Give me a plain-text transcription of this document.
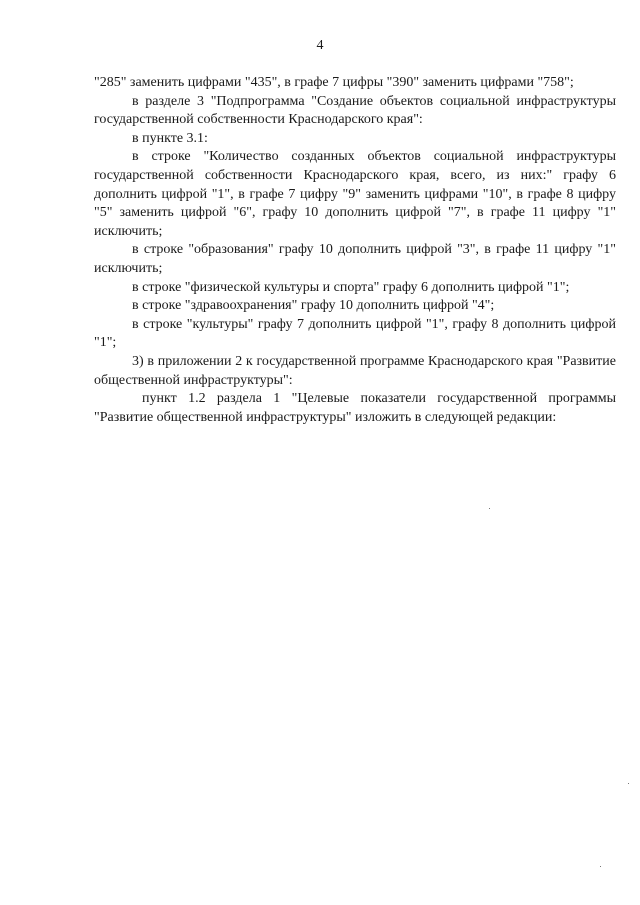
4

"285" заменить цифрами "435", в графе 7 цифры "390" заменить цифрами "758";

в разделе 3 "Подпрограмма "Создание объектов социальной инфраструктуры государственной собственности Краснодарского края":

в пункте 3.1:

в строке "Количество созданных объектов социальной инфраструктуры государственной собственности Краснодарского края, всего, из них:" графу 6 дополнить цифрой "1", в графе 7 цифру "9" заменить цифрами "10", в графе 8 цифру "5" заменить цифрой "6", графу 10 дополнить цифрой "7", в графе 11 цифру "1" исключить;

в строке "образования" графу 10 дополнить цифрой "3", в графе 11 цифру "1" исключить;

в строке "физической культуры и спорта" графу 6 дополнить цифрой "1";

в строке "здравоохранения" графу 10 дополнить цифрой "4";

в строке "культуры" графу 7 дополнить цифрой "1", графу 8 дополнить цифрой "1";

3) в приложении 2 к государственной программе Краснодарского края "Развитие общественной инфраструктуры":

пункт 1.2 раздела 1 "Целевые показатели государственной программы "Развитие общественной инфраструктуры" изложить в следующей редакции:
